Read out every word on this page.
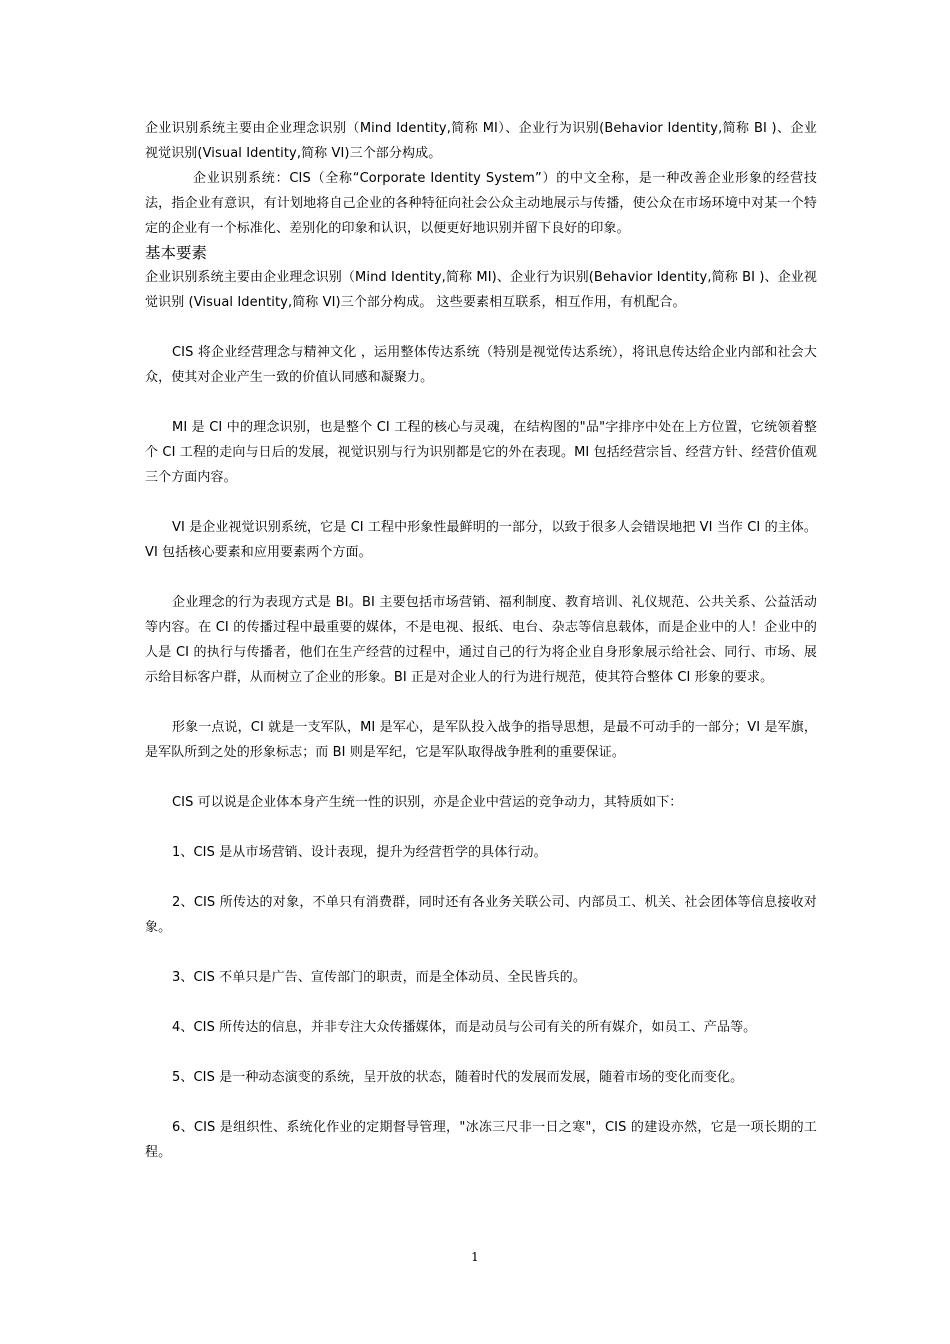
企业识别系统主要由企业理念识别（Mind Identity,简称 MI）、企业行为识别(Behavior Identity,简称 BI )、企业视觉识别(Visual Identity,简称 VI)三个部分构成。

企业识别系统：CIS（全称“Corporate Identity System”）的中文全称，是一种改善企业形象的经营技法，指企业有意识，有计划地将自己企业的各种特征向社会公众主动地展示与传播，使公众在市场环境中对某一个特定的企业有一个标准化、差别化的印象和认识，以便更好地识别并留下良好的印象。

基本要素

企业识别系统主要由企业理念识别（Mind Identity,简称 MI)、企业行为识别(Behavior Identity,简称 BI )、企业视觉识别 (Visual Identity,简称 VI)三个部分构成。 这些要素相互联系，相互作用，有机配合。

CIS 将企业经营理念与精神文化 ，运用整体传达系统（特别是视觉传达系统），将讯息传达给企业内部和社会大众，使其对企业产生一致的价值认同感和凝聚力。

MI 是 CI 中的理念识别，也是整个 CI 工程的核心与灵魂，在结构图的"品"字排序中处在上方位置，它统领着整个 CI 工程的走向与日后的发展，视觉识别与行为识别都是它的外在表现。MI 包括经营宗旨、经营方针、经营价值观三个方面内容。

VI 是企业视觉识别系统，它是 CI 工程中形象性最鲜明的一部分，以致于很多人会错误地把 VI 当作 CI 的主体。VI 包括核心要素和应用要素两个方面。

企业理念的行为表现方式是 BI。BI 主要包括市场营销、福利制度、教育培训、礼仪规范、公共关系、公益活动等内容。在 CI 的传播过程中最重要的媒体，不是电视、报纸、电台、杂志等信息载体，而是企业中的人！企业中的人是 CI 的执行与传播者，他们在生产经营的过程中，通过自己的行为将企业自身形象展示给社会、同行、市场、展示给目标客户群，从而树立了企业的形象。BI 正是对企业人的行为进行规范，使其符合整体 CI 形象的要求。

形象一点说，CI 就是一支军队，MI 是军心，是军队投入战争的指导思想，是最不可动手的一部分；VI 是军旗，是军队所到之处的形象标志；而 BI 则是军纪，它是军队取得战争胜利的重要保证。

CIS 可以说是企业体本身产生统一性的识别，亦是企业中营运的竞争动力，其特质如下：

1、CIS 是从市场营销、设计表现，提升为经营哲学的具体行动。

2、CIS 所传达的对象，不单只有消费群，同时还有各业务关联公司、内部员工、机关、社会团体等信息接收对象。

3、CIS 不单只是广告、宣传部门的职责，而是全体动员、全民皆兵的。

4、CIS 所传达的信息，并非专注大众传播媒体，而是动员与公司有关的所有媒介，如员工、产品等。

5、CIS 是一种动态演变的系统，呈开放的状态，随着时代的发展而发展，随着市场的变化而变化。

6、CIS 是组织性、系统化作业的定期督导管理，"冰冻三尺非一日之寒"，CIS 的建设亦然，它是一项长期的工程。

1
